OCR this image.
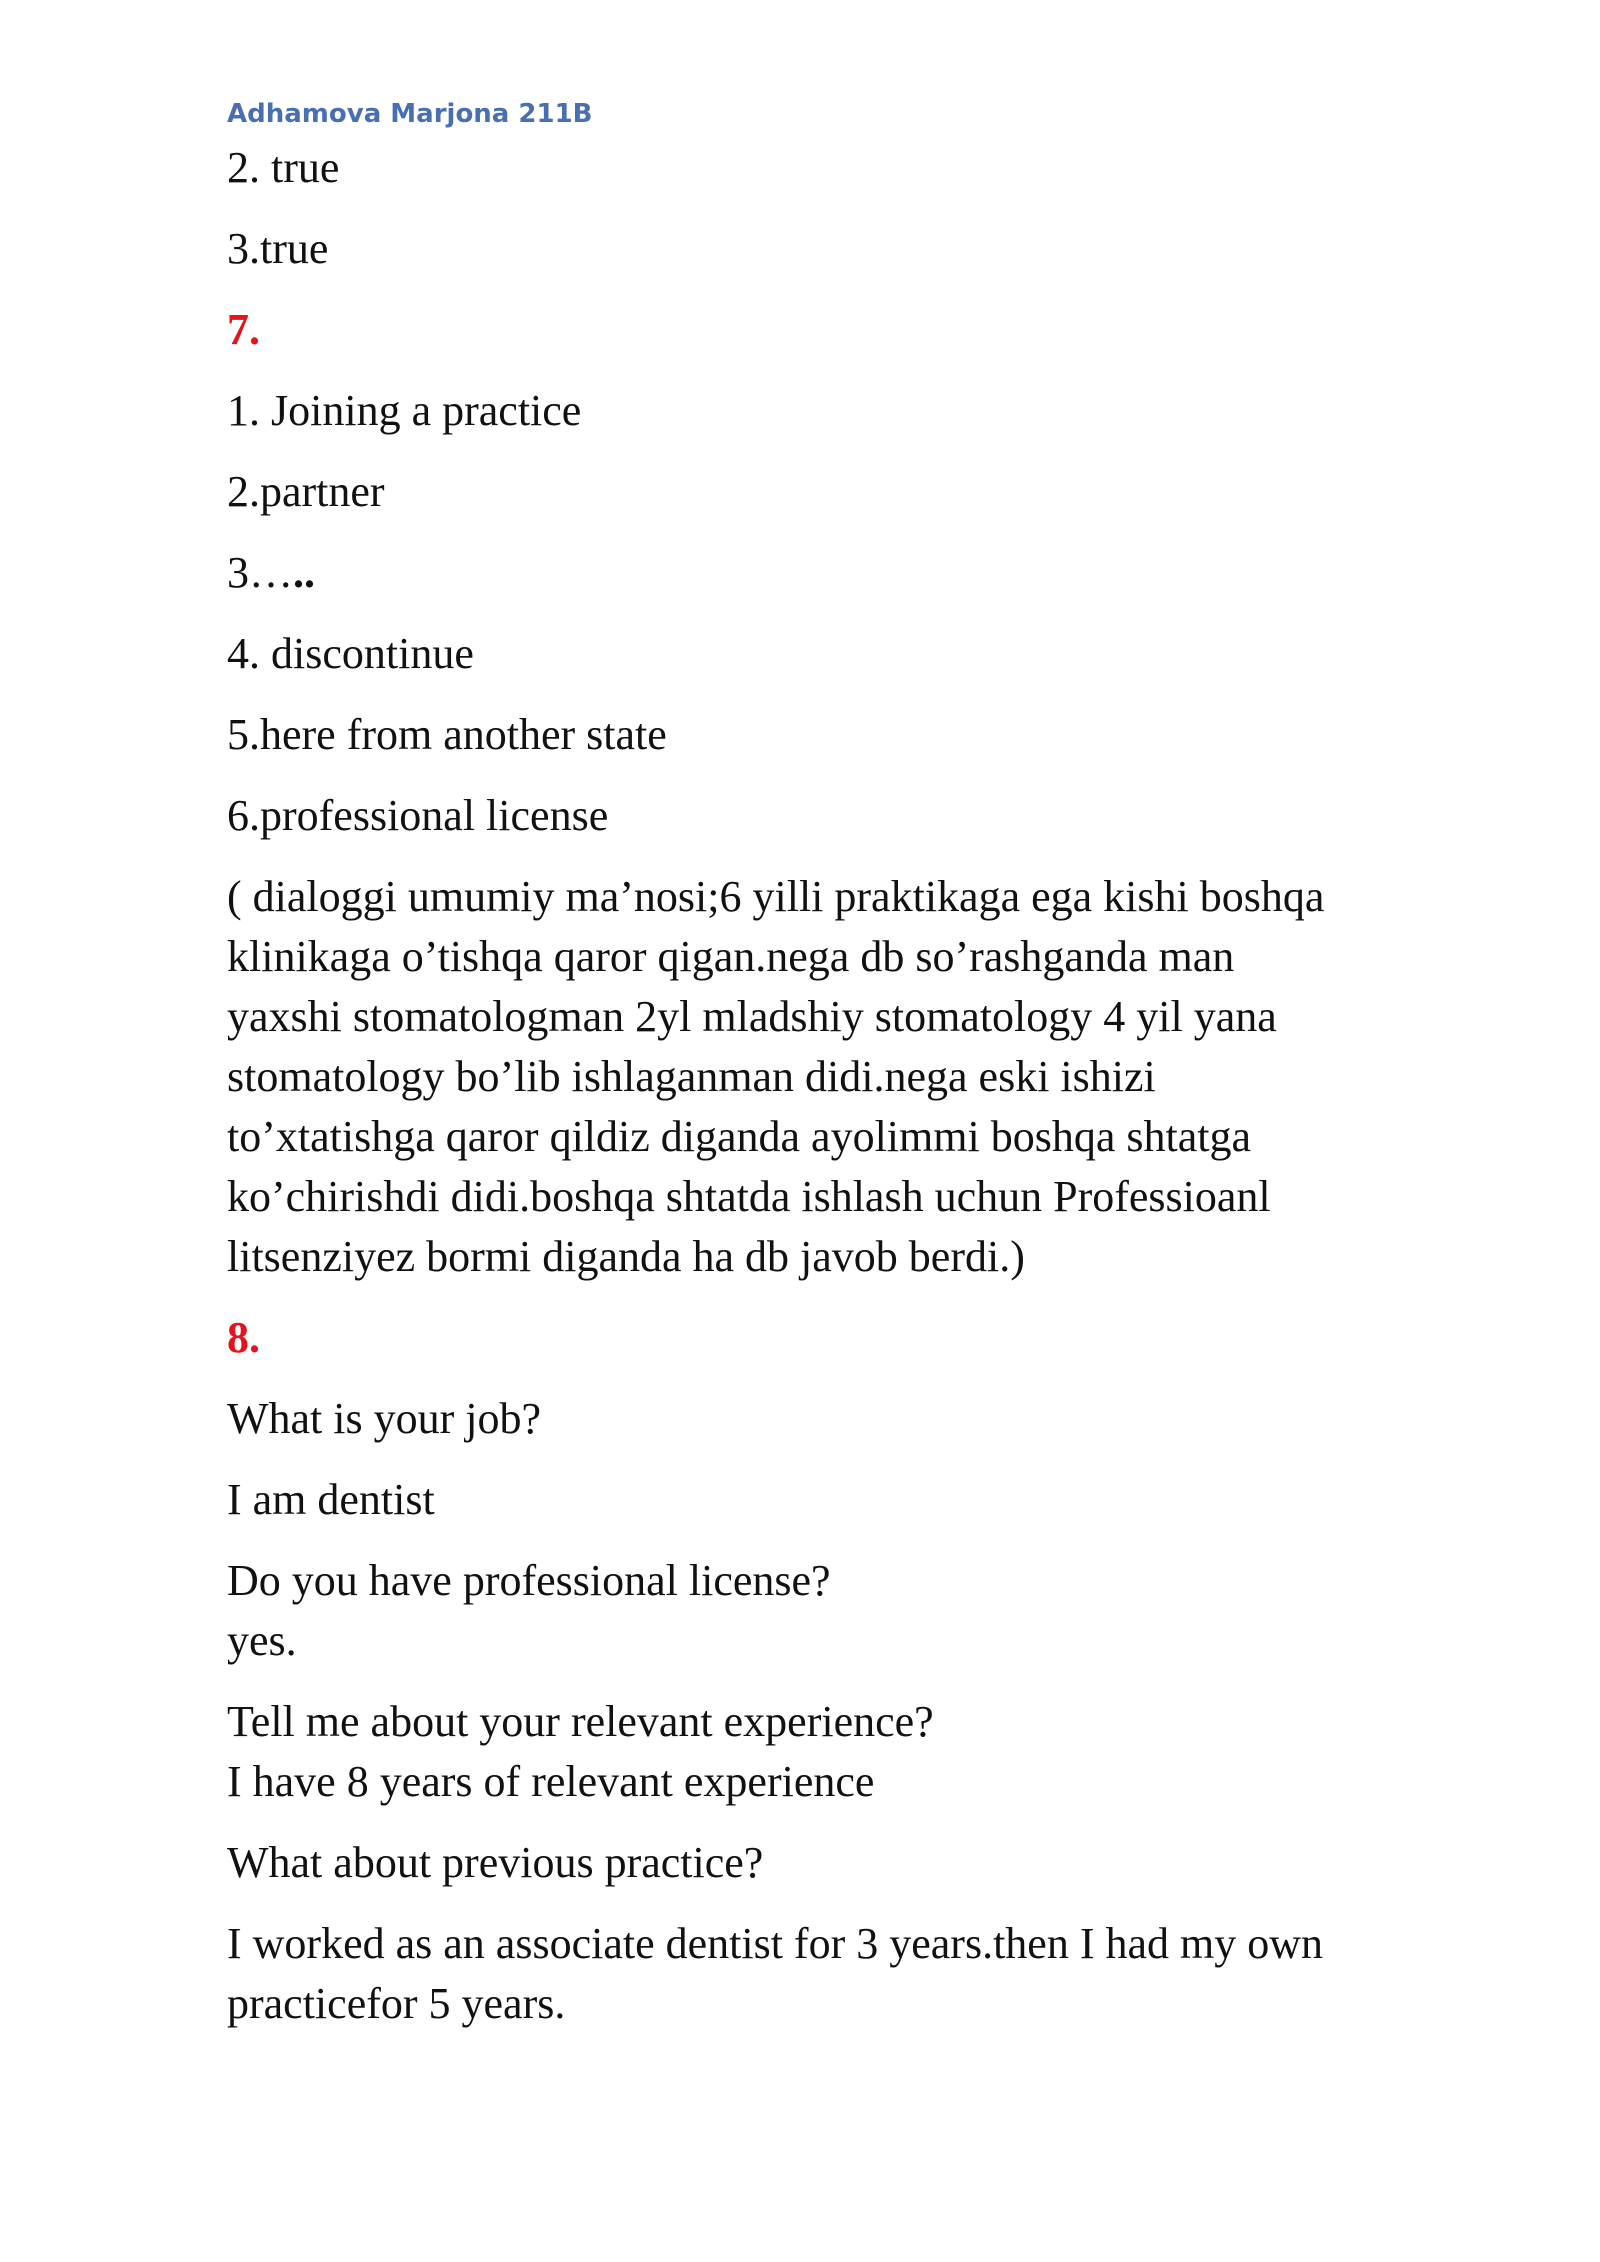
Adhamova Marjona 211B
2. true
3.true
7.
1. Joining a practice
2.partner
3…..
4. discontinue
5.here from another state
6.professional license
( dialoggi umumiy ma’nosi;6 yilli praktikaga ega kishi boshqa
klinikaga o’tishqa qaror qigan.nega db so’rashganda man
yaxshi stomatologman 2yl mladshiy stomatology 4 yil yana
stomatology bo’lib ishlaganman didi.nega eski ishizi
to’xtatishga qaror qildiz diganda ayolimmi boshqa shtatga
ko’chirishdi didi.boshqa shtatda ishlash uchun Professioanl
litsenziyez bormi diganda ha db javob berdi.)
8.
What is your job?
I am dentist
Do you have professional license?
yes.
Tell me about your relevant experience?
I have 8 years of relevant experience
What about previous practice?
I worked as an associate dentist for 3 years.then I had my own
practicefor 5 years.
